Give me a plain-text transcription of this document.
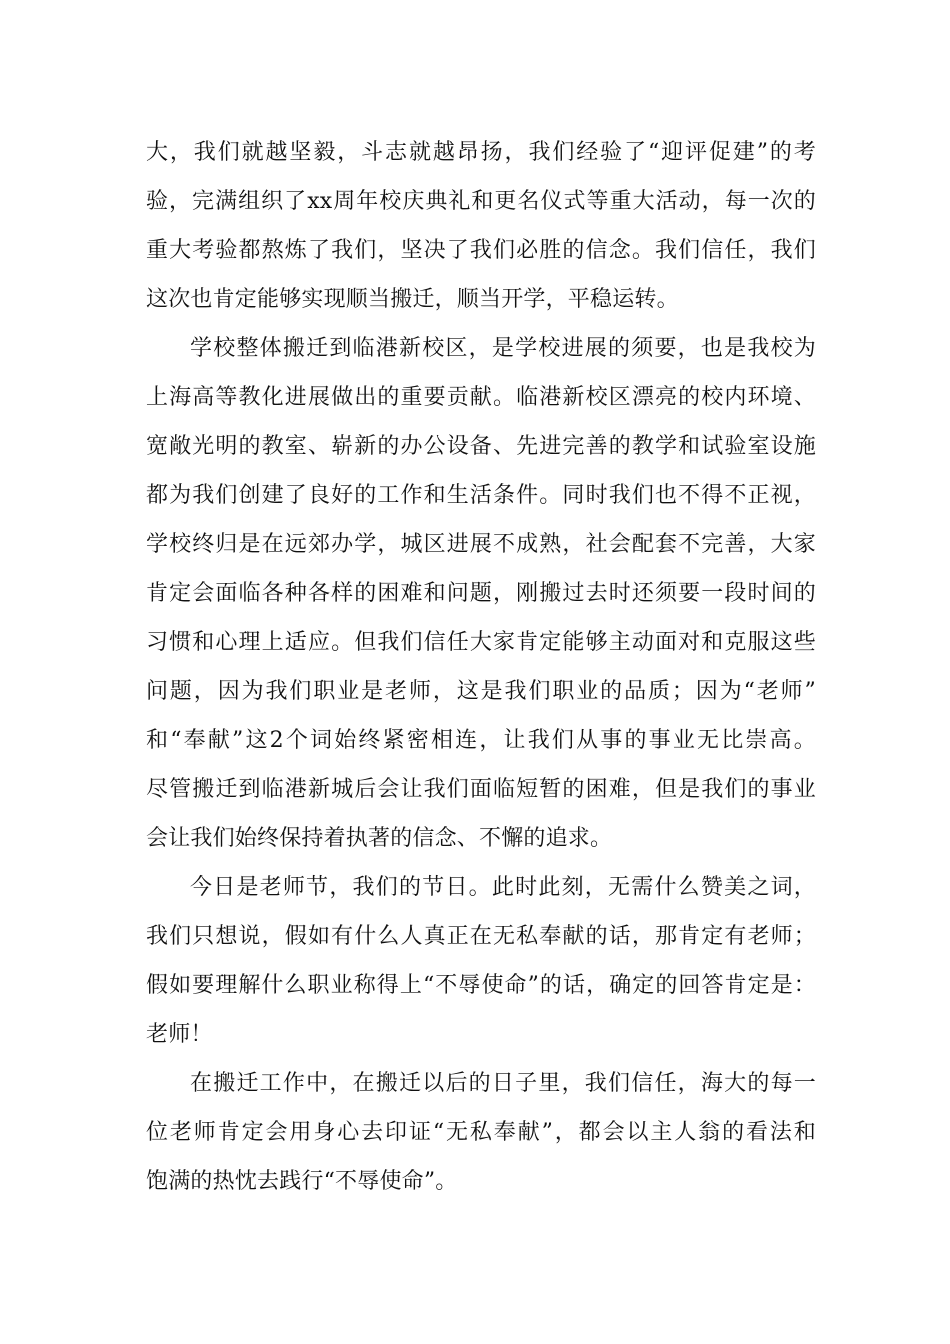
大，我们就越坚毅，斗志就越昂扬，我们经验了“迎评促建”的考
验，完满组织了xx周年校庆典礼和更名仪式等重大活动，每一次的
重大考验都熬炼了我们，坚决了我们必胜的信念。我们信任，我们
这次也肯定能够实现顺当搬迁，顺当开学，平稳运转。

学校整体搬迁到临港新校区，是学校进展的须要，也是我校为
上海高等教化进展做出的重要贡献。临港新校区漂亮的校内环境、
宽敞光明的教室、崭新的办公设备、先进完善的教学和试验室设施
都为我们创建了良好的工作和生活条件。同时我们也不得不正视，
学校终归是在远郊办学，城区进展不成熟，社会配套不完善，大家
肯定会面临各种各样的困难和问题，刚搬过去时还须要一段时间的
习惯和心理上适应。但我们信任大家肯定能够主动面对和克服这些
问题，因为我们职业是老师，这是我们职业的品质；因为“老师”
和“奉献”这2个词始终紧密相连，让我们从事的事业无比崇高。
尽管搬迁到临港新城后会让我们面临短暂的困难，但是我们的事业
会让我们始终保持着执著的信念、不懈的追求。

今日是老师节，我们的节日。此时此刻，无需什么赞美之词，
我们只想说，假如有什么人真正在无私奉献的话，那肯定有老师；
假如要理解什么职业称得上“不辱使命”的话，确定的回答肯定是：
老师！

在搬迁工作中，在搬迁以后的日子里，我们信任，海大的每一
位老师肯定会用身心去印证“无私奉献”，都会以主人翁的看法和
饱满的热忱去践行“不辱使命”。
